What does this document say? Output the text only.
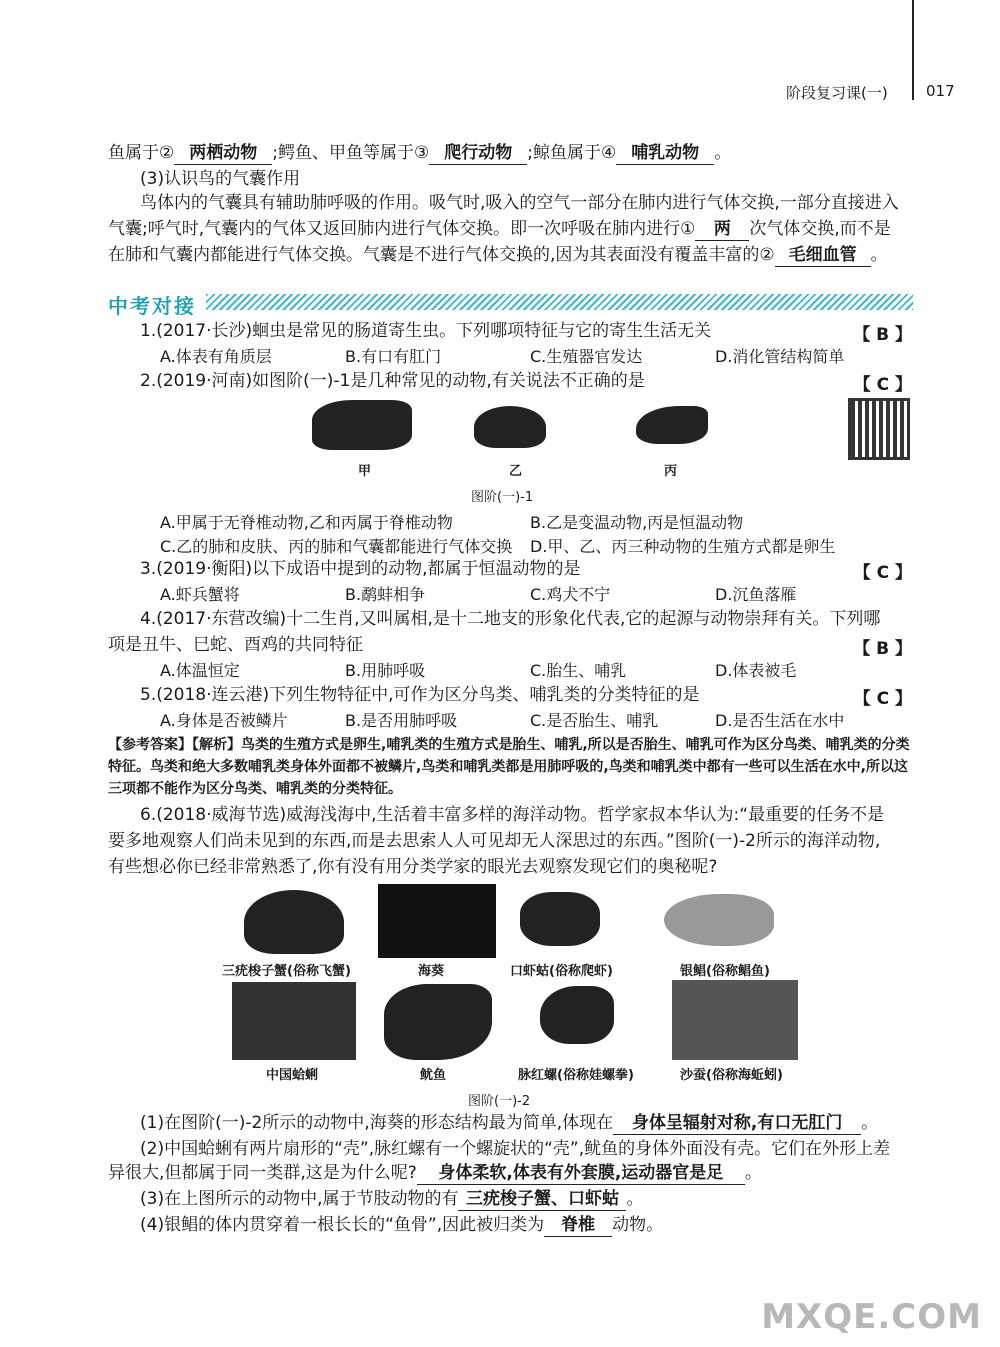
阶段复习课(一)	017
鱼属于② 两栖动物 ;鳄鱼、甲鱼等属于③ 爬行动物 ;鲸鱼属于④ 哺乳动物 。
(3)认识鸟的气囊作用
鸟体内的气囊具有辅助肺呼吸的作用。吸气时,吸入的空气一部分在肺内进行气体交换,一部分直接进入
气囊;呼气时,气囊内的气体又返回肺内进行气体交换。即一次呼吸在肺内进行① 两 次气体交换,而不是
在肺和气囊内都能进行气体交换。气囊是不进行气体交换的,因为其表面没有覆盖丰富的② 毛细血管 。
中考对接
1.(2017·长沙)蛔虫是常见的肠道寄生虫。下列哪项特征与它的寄生生活无关	【 B 】
A.体表有角质层	B.有口有肛门	C.生殖器官发达	D.消化管结构简单
2.(2019·河南)如图阶(一)-1是几种常见的动物,有关说法不正确的是	【 C 】
甲	乙	丙
图阶(一)-1
A.甲属于无脊椎动物,乙和丙属于脊椎动物	B.乙是变温动物,丙是恒温动物
C.乙的肺和皮肤、丙的肺和气囊都能进行气体交换	D.甲、乙、丙三种动物的生殖方式都是卵生
3.(2019·衡阳)以下成语中提到的动物,都属于恒温动物的是	【 C 】
A.虾兵蟹将	B.鹬蚌相争	C.鸡犬不宁	D.沉鱼落雁
4.(2017·东营改编)十二生肖,又叫属相,是十二地支的形象化代表,它的起源与动物崇拜有关。下列哪
项是丑牛、巳蛇、酉鸡的共同特征	【 B 】
A.体温恒定	B.用肺呼吸	C.胎生、哺乳	D.体表被毛
5.(2018·连云港)下列生物特征中,可作为区分鸟类、哺乳类的分类特征的是	【 C 】
A.身体是否被鳞片	B.是否用肺呼吸	C.是否胎生、哺乳	D.是否生活在水中
【参考答案】【解析】鸟类的生殖方式是卵生,哺乳类的生殖方式是胎生、哺乳,所以是否胎生、哺乳可作为区分鸟类、哺乳类的分类特征。鸟类和绝大多数哺乳类身体外面都不被鳞片,鸟类和哺乳类都是用肺呼吸的,鸟类和哺乳类中都有一些可以生活在水中,所以这三项都不能作为区分鸟类、哺乳类的分类特征。
6.(2018·威海节选)威海浅海中,生活着丰富多样的海洋动物。哲学家叔本华认为:“最重要的任务不是
要多地观察人们尚未见到的东西,而是去思索人人可见却无人深思过的东西。”图阶(一)-2所示的海洋动物,
有些想必你已经非常熟悉了,你有没有用分类学家的眼光去观察发现它们的奥秘呢?
三疣梭子蟹(俗称飞蟹)	海葵	口虾蛄(俗称爬虾)	银鲳(俗称鲳鱼)
中国蛤蜊	鱿鱼	脉红螺(俗称娃螺拳)	沙蚕(俗称海蚯蚓)
图阶(一)-2
(1)在图阶(一)-2所示的动物中,海葵的形态结构最为简单,体现在 身体呈辐射对称,有口无肛门 。
(2)中国蛤蜊有两片扇形的“壳”,脉红螺有一个螺旋状的“壳”,鱿鱼的身体外面没有壳。它们在外形上差
异很大,但都属于同一类群,这是为什么呢? 身体柔软,体表有外套膜,运动器官是足 。
(3)在上图所示的动物中,属于节肢动物的有 三疣梭子蟹、口虾蛄 。
(4)银鲳的体内贯穿着一根长长的“鱼骨”,因此被归类为 脊椎 动物。
MXQE.COM
